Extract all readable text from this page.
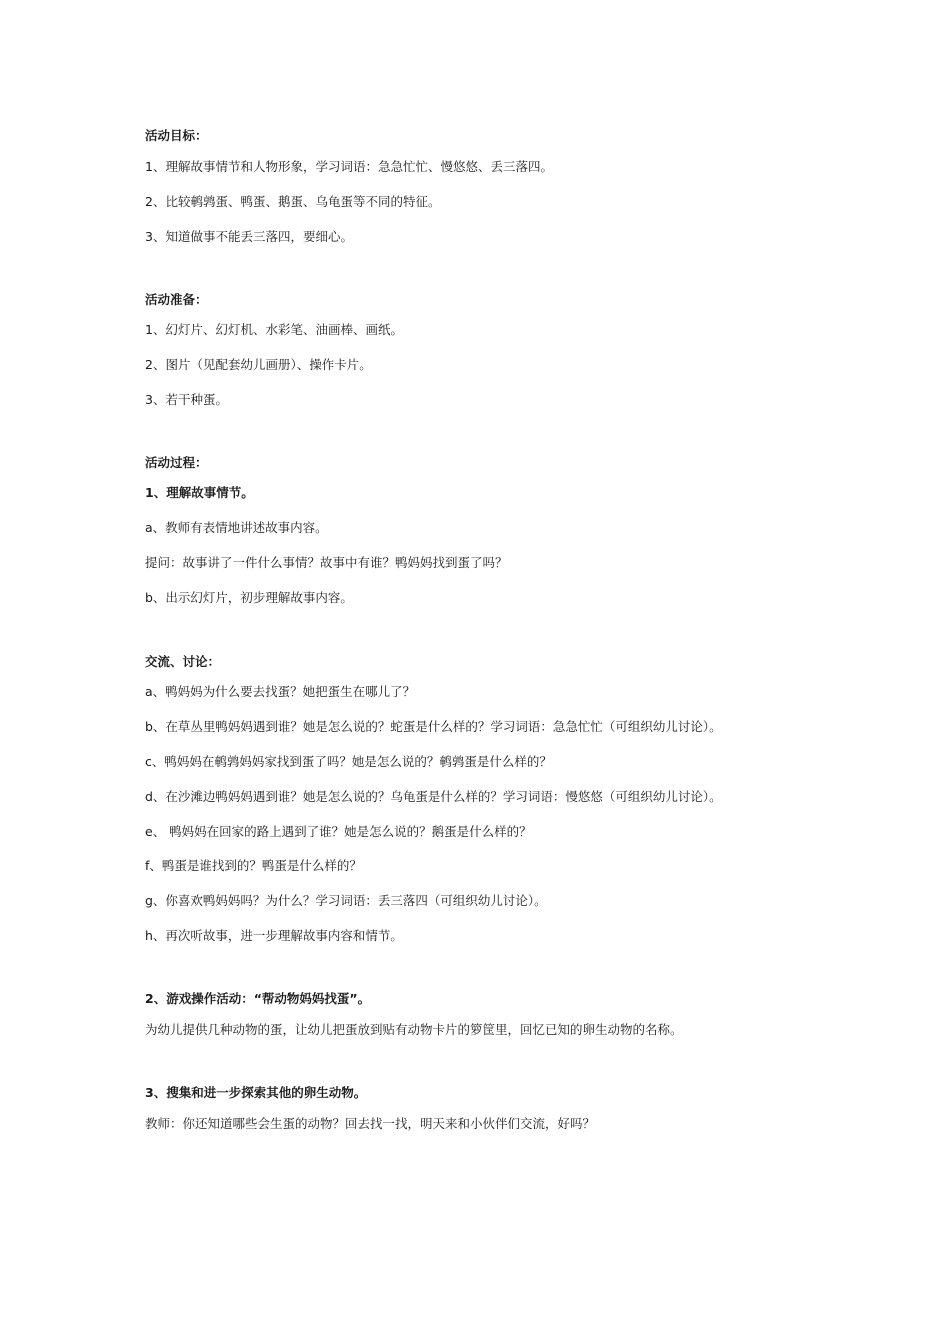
活动目标：
1、理解故事情节和人物形象，学习词语：急急忙忙、慢悠悠、丢三落四。
2、比较鹌鹑蛋、鸭蛋、鹅蛋、乌龟蛋等不同的特征。
3、知道做事不能丢三落四，要细心。
活动准备：
1、幻灯片、幻灯机、水彩笔、油画棒、画纸。
2、图片（见配套幼儿画册）、操作卡片。
3、若干种蛋。
活动过程：
1、理解故事情节。
a、教师有表情地讲述故事内容。
提问：故事讲了一件什么事情？故事中有谁？鸭妈妈找到蛋了吗？
b、出示幻灯片，初步理解故事内容。
交流、讨论：
a、鸭妈妈为什么要去找蛋？她把蛋生在哪儿了？
b、在草丛里鸭妈妈遇到谁？她是怎么说的？蛇蛋是什么样的？学习词语：急急忙忙（可组织幼儿讨论）。
c、鸭妈妈在鹌鹑妈妈家找到蛋了吗？她是怎么说的？鹌鹑蛋是什么样的？
d、在沙滩边鸭妈妈遇到谁？她是怎么说的？乌龟蛋是什么样的？学习词语：慢悠悠（可组织幼儿讨论）。
e、 鸭妈妈在回家的路上遇到了谁？她是怎么说的？鹅蛋是什么样的？
f、鸭蛋是谁找到的？鸭蛋是什么样的？
g、你喜欢鸭妈妈吗？为什么？学习词语：丢三落四（可组织幼儿讨论）。
h、再次听故事，进一步理解故事内容和情节。
2、游戏操作活动：“帮动物妈妈找蛋”。
为幼儿提供几种动物的蛋，让幼儿把蛋放到贴有动物卡片的箩筐里，回忆已知的卵生动物的名称。
3、搜集和进一步探索其他的卵生动物。
教师：你还知道哪些会生蛋的动物？回去找一找，明天来和小伙伴们交流，好吗？
